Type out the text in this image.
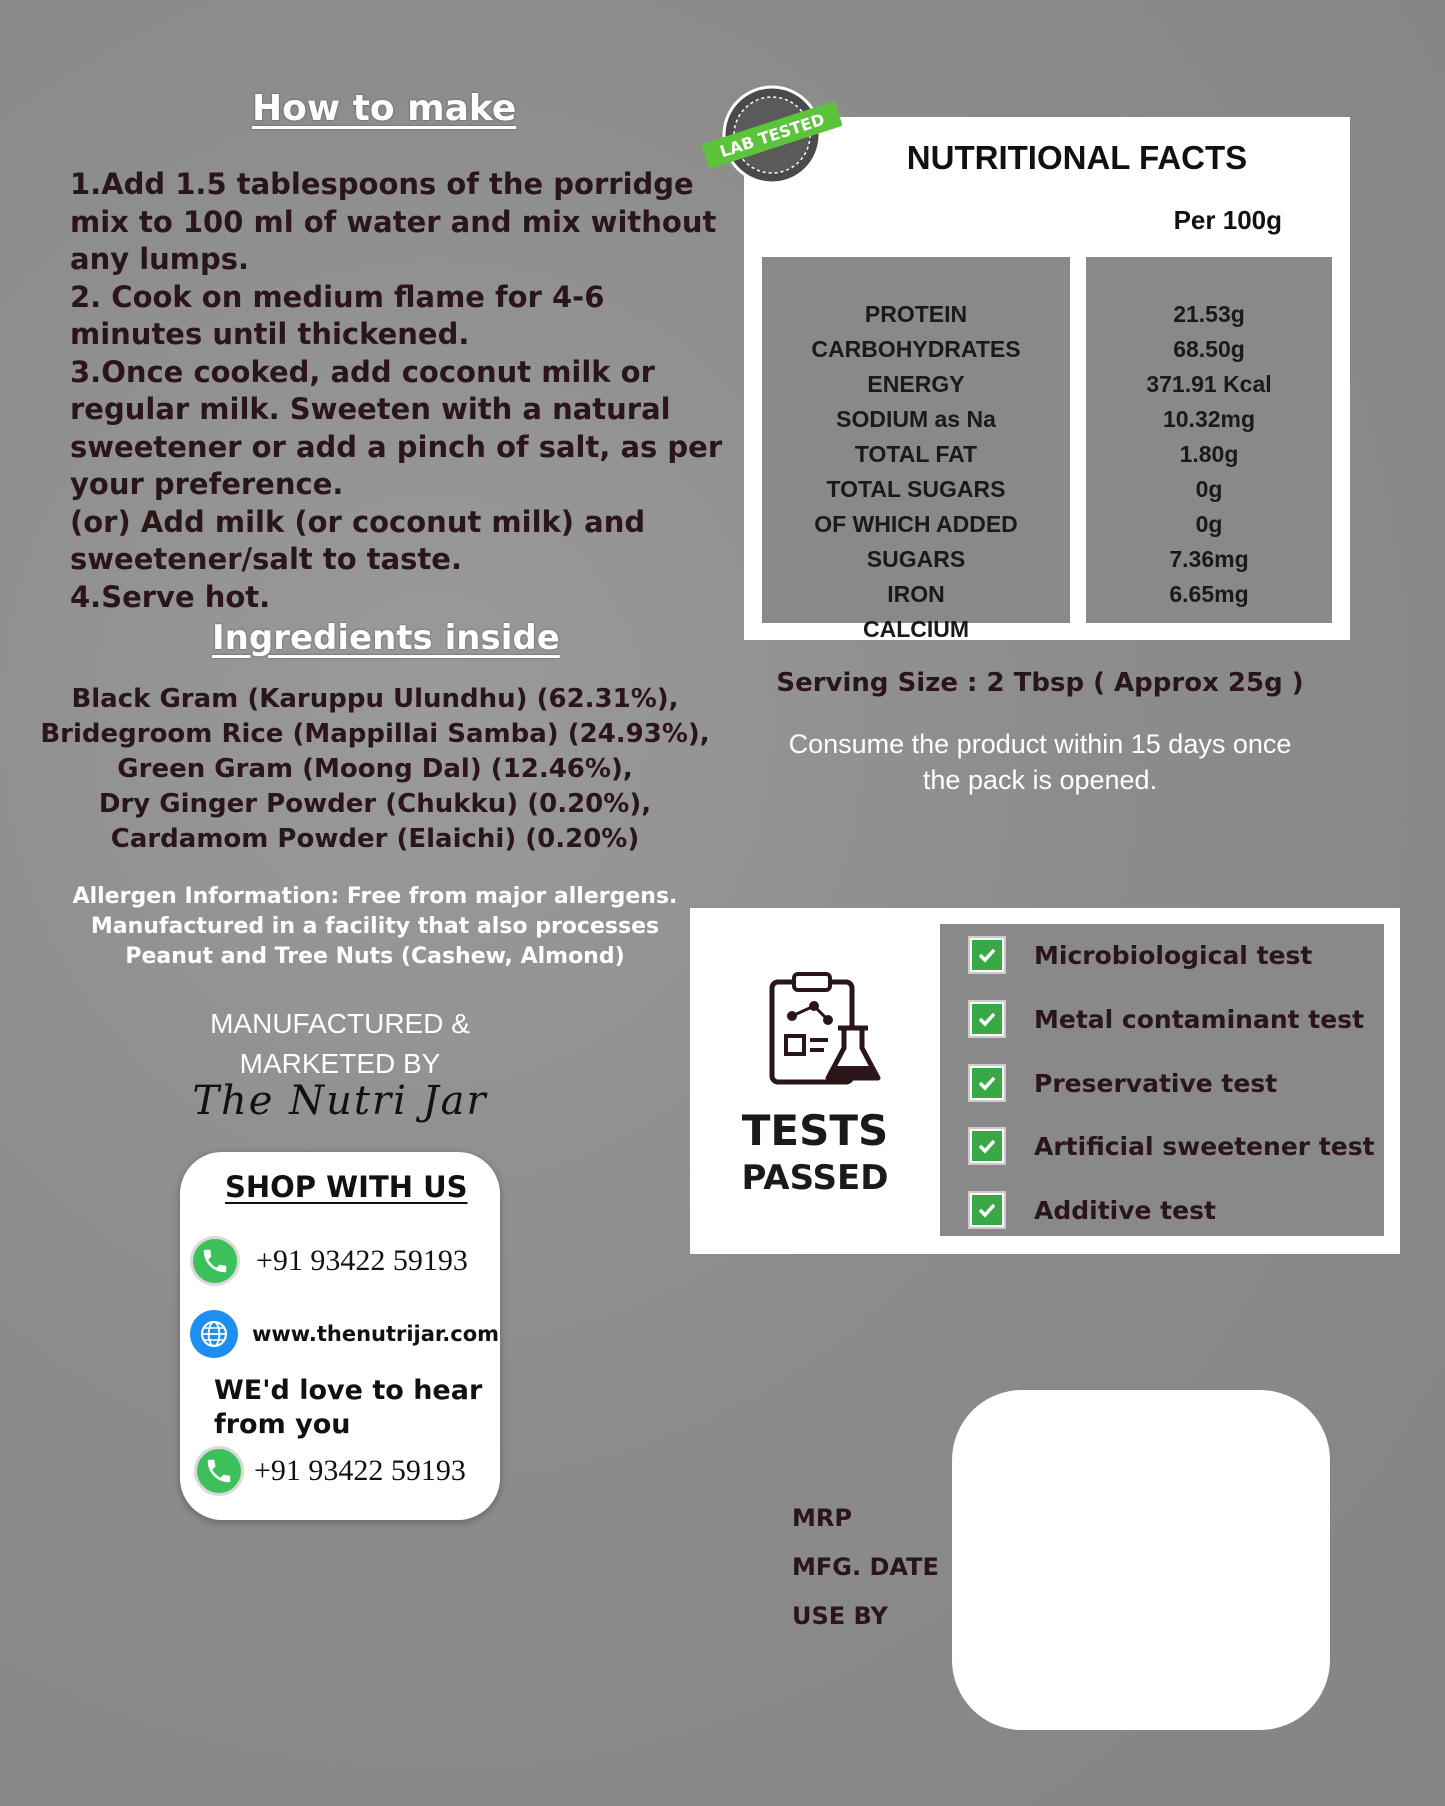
How to make
1.Add 1.5 tablespoons of the porridge mix to 100 ml of water and mix without any lumps.
2. Cook on medium flame for 4-6 minutes until thickened.
3.Once cooked, add coconut milk or regular milk. Sweeten with a natural sweetener or add a pinch of salt, as per your preference.
(or) Add milk (or coconut milk) and sweetener/salt to taste.
4.Serve hot.
Ingredients inside
Black Gram (Karuppu Ulundhu) (62.31%),
Bridegroom Rice (Mappillai Samba) (24.93%),
Green Gram (Moong Dal) (12.46%),
Dry Ginger Powder (Chukku) (0.20%),
Cardamom Powder (Elaichi) (0.20%)
Allergen Information: Free from major allergens.
Manufactured in a facility that also processes
Peanut and Tree Nuts (Cashew, Almond)
MANUFACTURED &
MARKETED BY
The Nutri Jar
SHOP WITH US
+91 93422 59193
www.thenutrijar.com
WE'd love to hear
from you
+91 93422 59193
NUTRITIONAL FACTS
Per 100g
PROTEIN
CARBOHYDRATES
ENERGY
SODIUM as Na
TOTAL FAT
TOTAL SUGARS
OF WHICH ADDED SUGARS
IRON
CALCIUM
21.53g
68.50g
371.91 Kcal
10.32mg
1.80g
0g
0g
7.36mg
6.65mg
LAB TESTED
Serving Size : 2 Tbsp ( Approx 25g )
Consume the product within 15 days once
the pack is opened.
TESTS
PASSED
Microbiological test
Metal contaminant test
Preservative test
Artificial sweetener test
Additive test
MRP
MFG. DATE
USE BY
